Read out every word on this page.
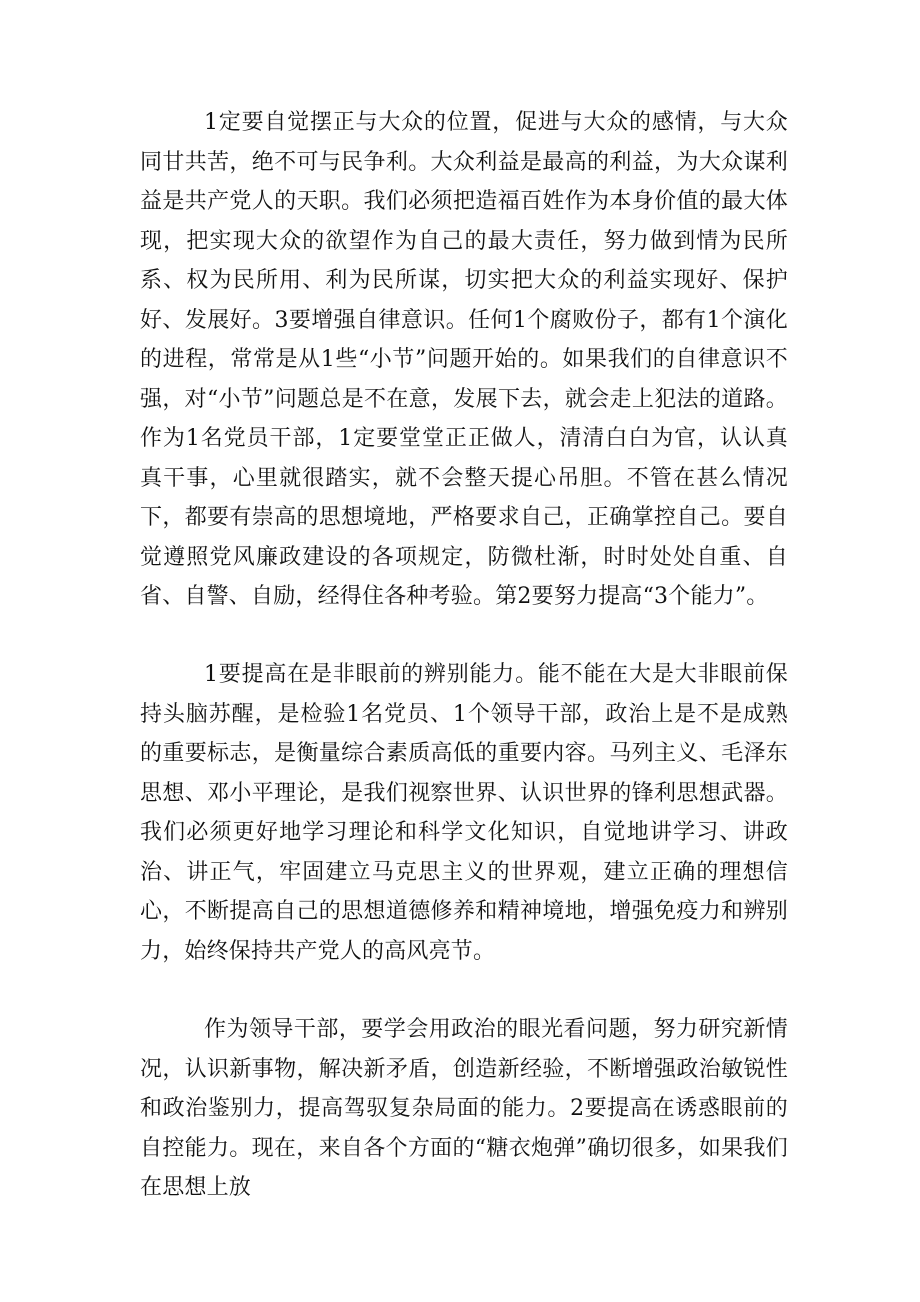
1定要自觉摆正与大众的位置，促进与大众的感情，与大众同甘共苦，绝不可与民争利。大众利益是最高的利益，为大众谋利益是共产党人的天职。我们必须把造福百姓作为本身价值的最大体现，把实现大众的欲望作为自己的最大责任，努力做到情为民所系、权为民所用、利为民所谋，切实把大众的利益实现好、保护好、发展好。3要增强自律意识。任何1个腐败份子，都有1个演化的进程，常常是从1些“小节”问题开始的。如果我们的自律意识不强，对“小节”问题总是不在意，发展下去，就会走上犯法的道路。作为1名党员干部，1定要堂堂正正做人，清清白白为官，认认真真干事，心里就很踏实，就不会整天提心吊胆。不管在甚么情况下，都要有崇高的思想境地，严格要求自己，正确掌控自己。要自觉遵照党风廉政建设的各项规定，防微杜渐，时时处处自重、自省、自警、自励，经得住各种考验。第2要努力提高“3个能力”。

1要提高在是非眼前的辨别能力。能不能在大是大非眼前保持头脑苏醒，是检验1名党员、1个领导干部，政治上是不是成熟的重要标志，是衡量综合素质高低的重要内容。马列主义、毛泽东思想、邓小平理论，是我们视察世界、认识世界的锋利思想武器。我们必须更好地学习理论和科学文化知识，自觉地讲学习、讲政治、讲正气，牢固建立马克思主义的世界观，建立正确的理想信心，不断提高自己的思想道德修养和精神境地，增强免疫力和辨别力，始终保持共产党人的高风亮节。

作为领导干部，要学会用政治的眼光看问题，努力研究新情况，认识新事物，解决新矛盾，创造新经验，不断增强政治敏锐性和政治鉴别力，提高驾驭复杂局面的能力。2要提高在诱惑眼前的自控能力。现在，来自各个方面的“糖衣炮弹”确切很多，如果我们在思想上放
